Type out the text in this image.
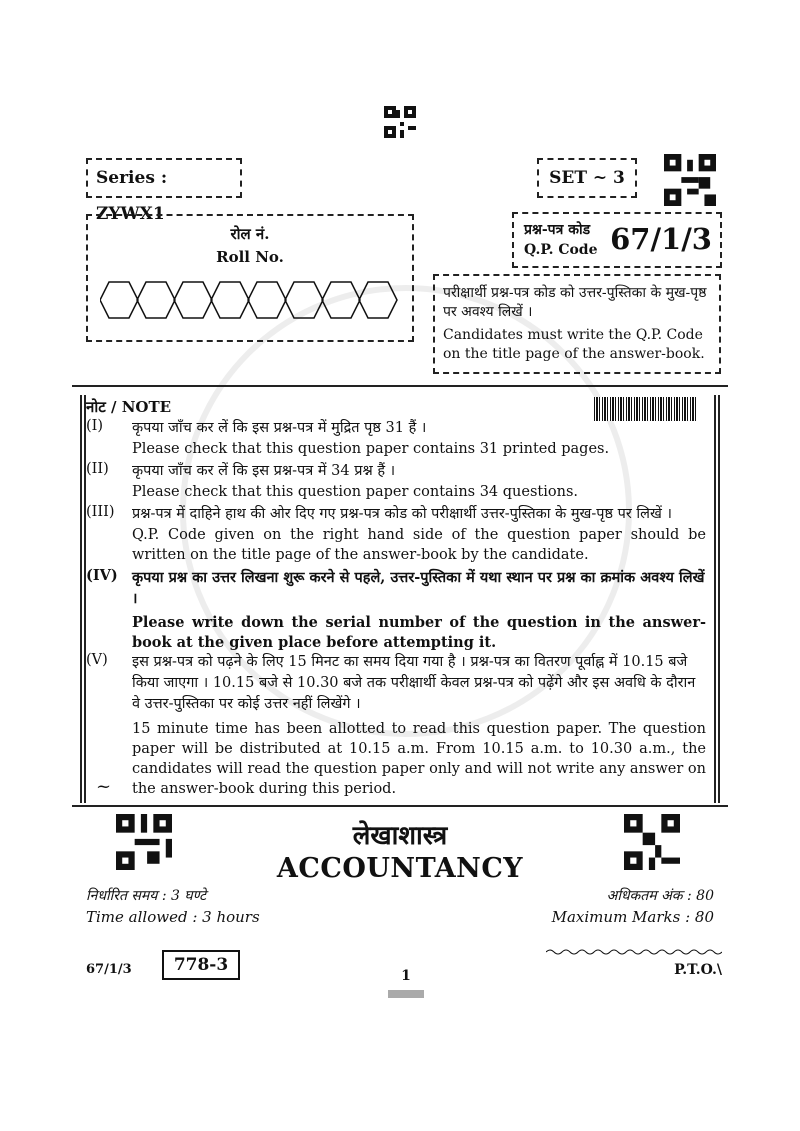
Series : ZYWX1
SET ~ 3
रोल नं.
Roll No.
प्रश्न-पत्र कोड
Q.P. Code 67/1/3
परीक्षार्थी प्रश्न-पत्र कोड को उत्तर-पुस्तिका के मुख-पृष्ठ पर अवश्य लिखें ।
Candidates must write the Q.P. Code on the title page of the answer-book.
नोट / NOTE
(I) कृपया जाँच कर लें कि इस प्रश्न-पत्र में मुद्रित पृष्ठ 31 हैं ।
Please check that this question paper contains 31 printed pages.
(II) कृपया जाँच कर लें कि इस प्रश्न-पत्र में 34 प्रश्न हैं ।
Please check that this question paper contains 34 questions.
(III) प्रश्न-पत्र में दाहिने हाथ की ओर दिए गए प्रश्न-पत्र कोड को परीक्षार्थी उत्तर-पुस्तिका के मुख-पृष्ठ पर लिखें ।
Q.P. Code given on the right hand side of the question paper should be written on the title page of the answer-book by the candidate.
(IV) कृपया प्रश्न का उत्तर लिखना शुरू करने से पहले, उत्तर-पुस्तिका में यथा स्थान पर प्रश्न का क्रमांक अवश्य लिखें ।
Please write down the serial number of the question in the answer-book at the given place before attempting it.
(V) इस प्रश्न-पत्र को पढ़ने के लिए 15 मिनट का समय दिया गया है । प्रश्न-पत्र का वितरण पूर्वाह्न में 10.15 बजे किया जाएगा । 10.15 बजे से 10.30 बजे तक परीक्षार्थी केवल प्रश्न-पत्र को पढ़ेंगे और इस अवधि के दौरान वे उत्तर-पुस्तिका पर कोई उत्तर नहीं लिखेंगे ।
15 minute time has been allotted to read this question paper. The question paper will be distributed at 10.15 a.m. From 10.15 a.m. to 10.30 a.m., the candidates will read the question paper only and will not write any answer on the answer-book during this period.
~
लेखाशास्त्र
ACCOUNTANCY
निर्धारित समय : 3 घण्टे
Time allowed : 3 hours
अधिकतम अंक : 80
Maximum Marks : 80
67/1/3	778-3
1	P.T.O.\
